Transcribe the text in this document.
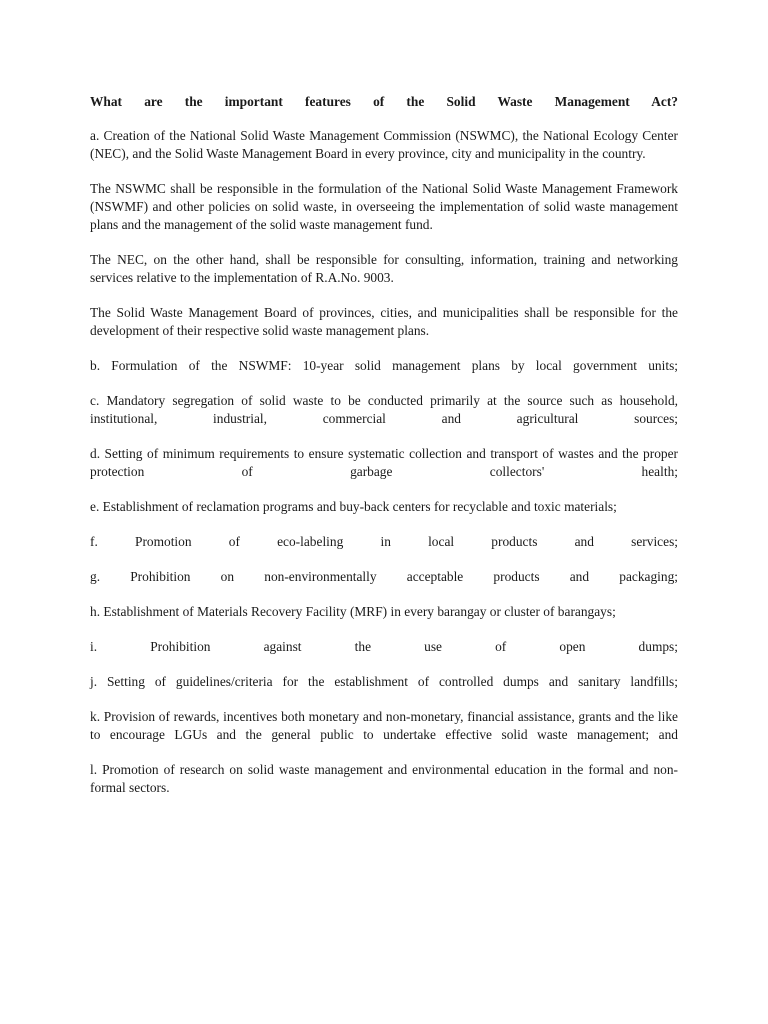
What are the important features of the Solid Waste Management Act?

a. Creation of the National Solid Waste Management Commission (NSWMC), the National Ecology Center (NEC), and the Solid Waste Management Board in every province, city and municipality in the country.

The NSWMC shall be responsible in the formulation of the National Solid Waste Management Framework (NSWMF) and other policies on solid waste, in overseeing the implementation of solid waste management plans and the management of the solid waste management fund.

The NEC, on the other hand, shall be responsible for consulting, information, training and networking services relative to the implementation of R.A.No. 9003.

The Solid Waste Management Board of provinces, cities, and municipalities shall be responsible for the development of their respective solid waste management plans.

b. Formulation of the NSWMF: 10-year solid management plans by local government units;

c. Mandatory segregation of solid waste to be conducted primarily at the source such as household, institutional, industrial, commercial and agricultural sources;

d. Setting of minimum requirements to ensure systematic collection and transport of wastes and the proper protection of garbage collectors' health;

e. Establishment of reclamation programs and buy-back centers for recyclable and toxic materials;

f. Promotion of eco-labeling in local products and services;

g. Prohibition on non-environmentally acceptable products and packaging;

h. Establishment of Materials Recovery Facility (MRF) in every barangay or cluster of barangays;

i. Prohibition against the use of open dumps;

j. Setting of guidelines/criteria for the establishment of controlled dumps and sanitary landfills;

k. Provision of rewards, incentives both monetary and non-monetary, financial assistance, grants and the like to encourage LGUs and the general public to undertake effective solid waste management; and

l. Promotion of research on solid waste management and environmental education in the formal and non-formal sectors.
